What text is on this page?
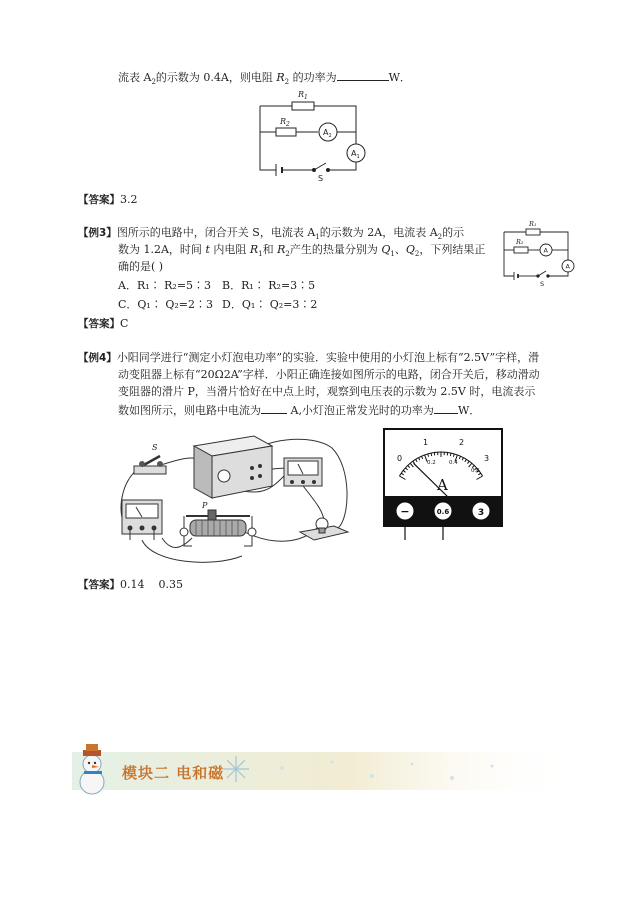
流表 $A_2$的示数为 0.4A，则电阻 $R_2$ 的功率为	W．
$R_1$
$R_2$
$A_2$
$A_1$
S
【答案】3.2
【例3】图所示的电路中，闭合开关 S，电流表 $A_1$的示数为 2A，电流表 $A_2$的示
数为 1.2A，时间 t 内电阻 $R_1$和 $R_2$产生的热量分别为 $Q_1$、$Q_2$，下列结果正
确的是( )
A．R₁∶ R₂=5∶3 B．R₁∶ R₂=3∶5
C．Q₁∶ Q₂=2∶3 D．Q₁∶ Q₂=3∶2
R₁
R₂
A
A
S
【答案】C
【例4】小阳同学进行“测定小灯泡电功率”的实验．实验中使用的小灯泡上标有“2.5V”字样，滑
动变阻器上标有“20Ω2A”字样．小阳正确连接如图所示的电路，闭合开关后，移动滑动
变阻器的滑片 P，当滑片恰好在中点上时，观察到电压表的示数为 2.5V 时，电流表示
数如图所示，则电路中电流为 A,小灯泡正常发光时的功率为 W．
S
P
0
1	2
3
0.2 0.4
0.6
A
−	0.6	3
【答案】0.14    0.35
模块二 电和磁
